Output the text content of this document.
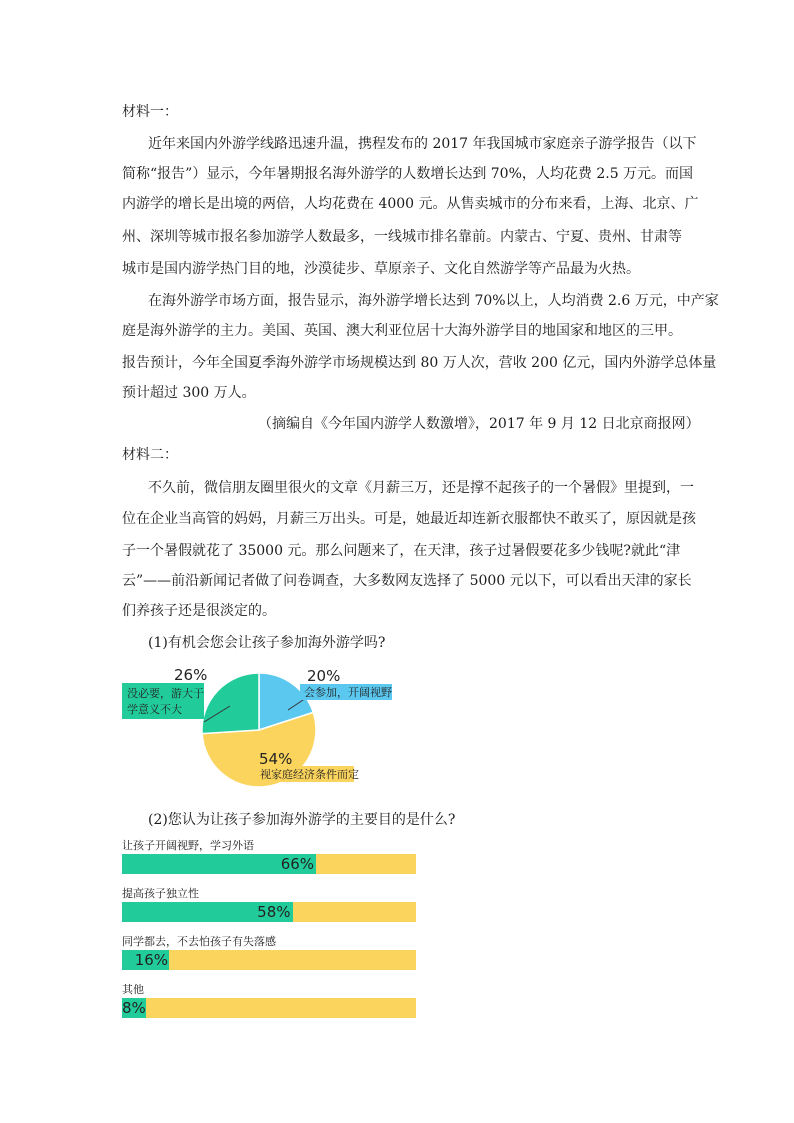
材料一：
近年来国内外游学线路迅速升温，携程发布的 2017 年我国城市家庭亲子游学报告（以下
简称“报告”）显示，今年暑期报名海外游学的人数增长达到 70%，人均花费 2.5 万元。而国
内游学的增长是出境的两倍，人均花费在 4000 元。从售卖城市的分布来看，上海、北京、广
州、深圳等城市报名参加游学人数最多，一线城市排名靠前。内蒙古、宁夏、贵州、甘肃等
城市是国内游学热门目的地，沙漠徒步、草原亲子、文化自然游学等产品最为火热。
在海外游学市场方面，报告显示，海外游学增长达到 70%以上，人均消费 2.6 万元，中产家
庭是海外游学的主力。美国、英国、澳大利亚位居十大海外游学目的地国家和地区的三甲。
报告预计，今年全国夏季海外游学市场规模达到 80 万人次，营收 200 亿元，国内外游学总体量
预计超过 300 万人。
（摘编自《今年国内游学人数激增》，2017 年 9 月 12 日北京商报网）
材料二：
不久前，微信朋友圈里很火的文章《月薪三万，还是撑不起孩子的一个暑假》里提到，一
位在企业当高管的妈妈，月薪三万出头。可是，她最近却连新衣服都快不敢买了，原因就是孩
子一个暑假就花了 35000 元。那么问题来了，在天津，孩子过暑假要花多少钱呢?就此“津
云”——前沿新闻记者做了问卷调查，大多数网友选择了 5000 元以下，可以看出天津的家长
们养孩子还是很淡定的。
(1)有机会您会让孩子参加海外游学吗?
没必要，游大于
学意义不大
会参加，开阔视野
视家庭经济条件而定
26%	20%
54%
(2)您认为让孩子参加海外游学的主要目的是什么?
让孩子开阔视野，学习外语
66%
提高孩子独立性
58%
同学都去，不去怕孩子有失落感
16%
其他
8%
